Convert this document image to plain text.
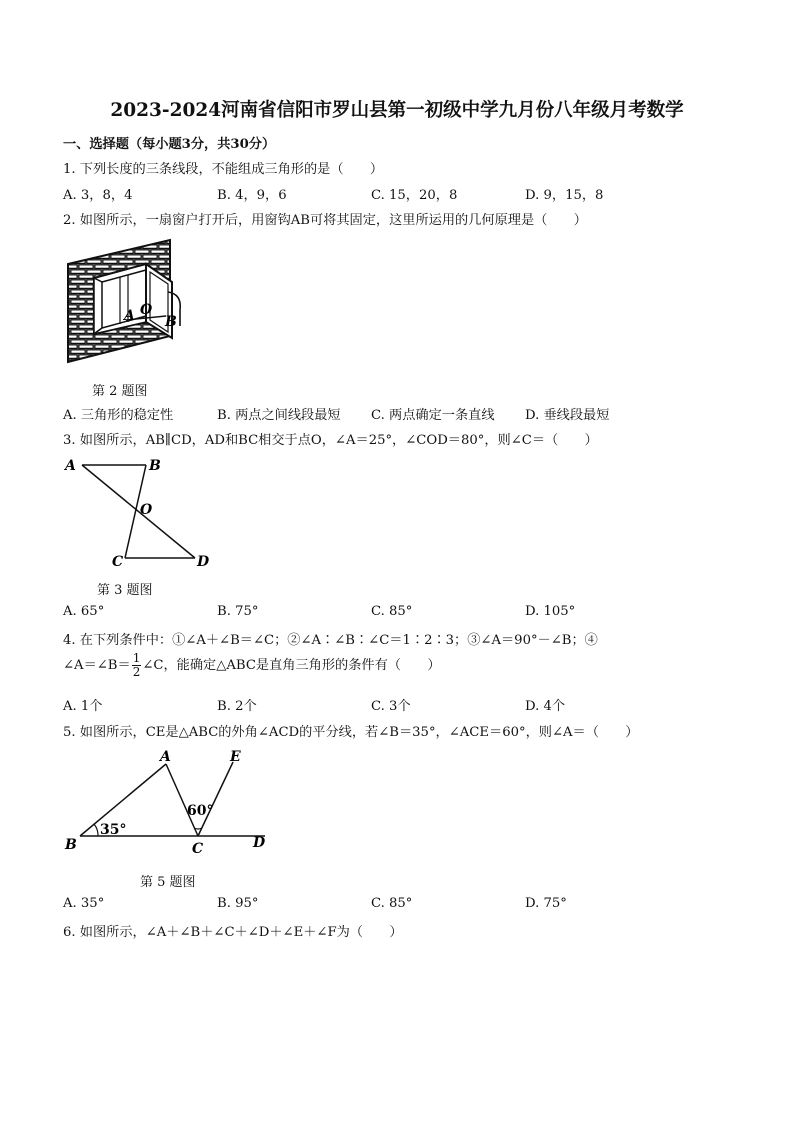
2023-2024河南省信阳市罗山县第一初级中学九月份八年级月考数学
一、选择题（每小题3分，共30分）
1. 下列长度的三条线段，不能组成三角形的是（　　）
A. 3，8，4	B. 4，9，6	C. 15，20，8	D. 9，15，8
2. 如图所示，一扇窗户打开后，用窗钩AB可将其固定，这里所运用的几何原理是（　　）
A O
B
第 2 题图
A. 三角形的稳定性	B. 两点之间线段最短 C. 两点确定一条直线 D. 垂线段最短
3. 如图所示，AB∥CD，AD和BC相交于点O，∠A＝25°，∠COD＝80°，则∠C＝（　　）
A	B
O
C	D
第 3 题图
A. 65°	B. 75°	C. 85°	D. 105°
4. 在下列条件中：①∠A＋∠B＝∠C；②∠A∶∠B∶∠C＝1∶2∶3；③∠A＝90°－∠B；④
∠A＝∠B＝ $\frac{1}{2}$ ∠C，能确定△ABC是直角三角形的条件有（　　）
A. 1个	B. 2个	C. 3个	D. 4个
5. 如图所示，CE是△ABC的外角∠ACD的平分线，若∠B＝35°，∠ACE＝60°，则∠A＝（　　）
A	E
60°
35°
B	C	D
第 5 题图
A. 35°	B. 95°	C. 85°	D. 75°
6. 如图所示，∠A＋∠B＋∠C＋∠D＋∠E＋∠F为（　　）
